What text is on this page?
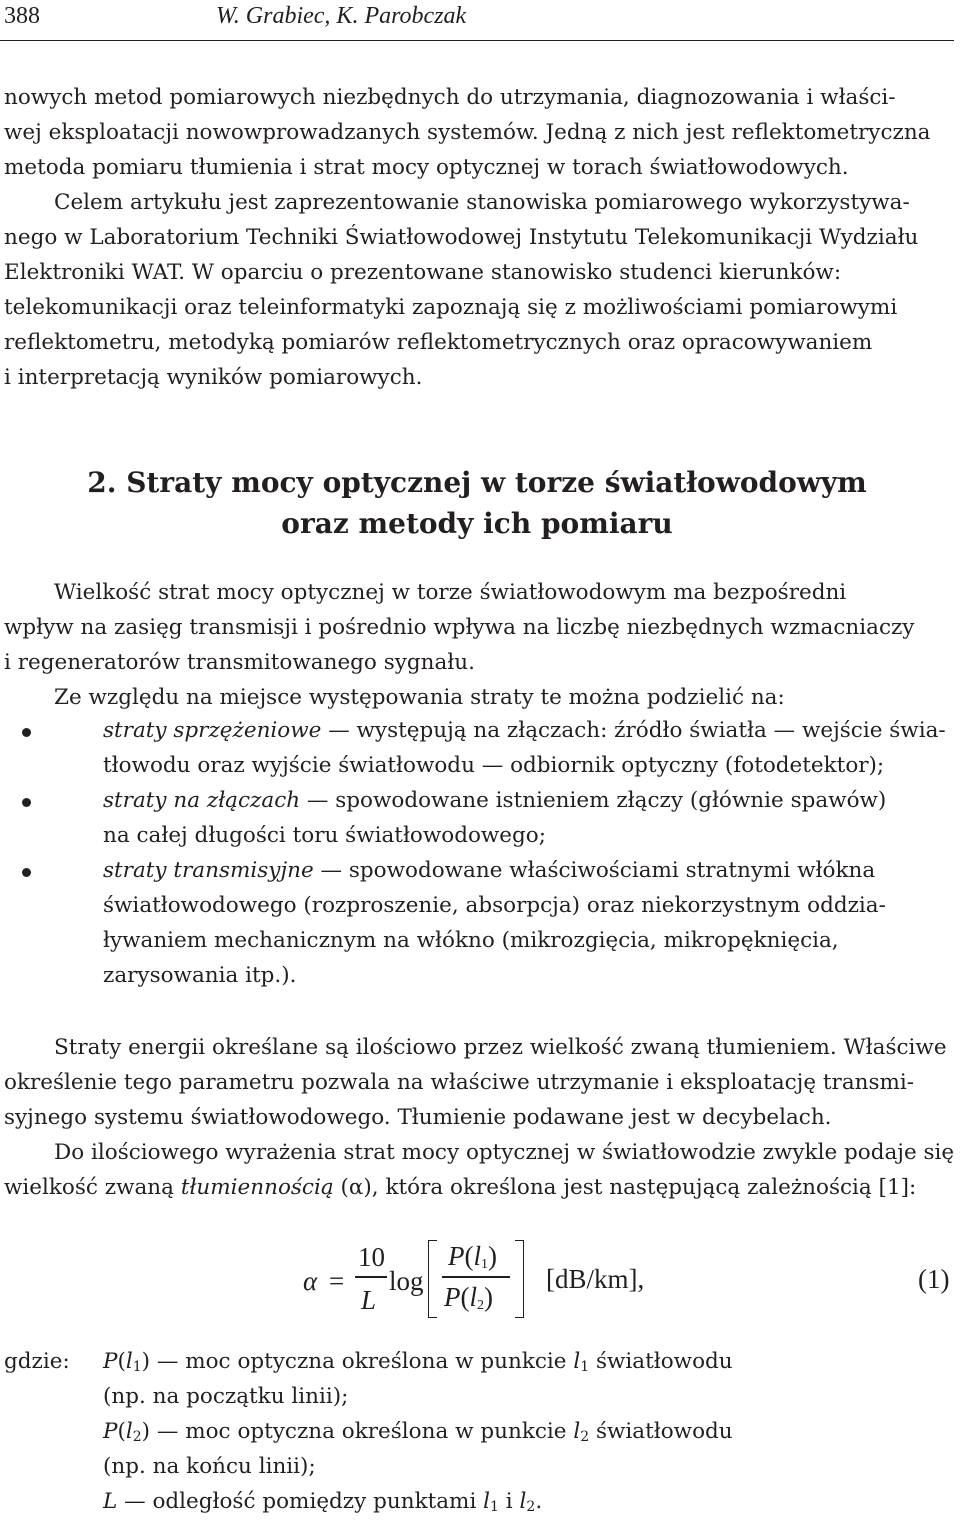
388	W. Grabiec, K. Parobczak
nowych metod pomiarowych niezbędnych do utrzymania, diagnozowania i właści-
wej eksploatacji nowowprowadzanych systemów. Jedną z nich jest reflektometryczna
metoda pomiaru tłumienia i strat mocy optycznej w torach światłowodowych.
Celem artykułu jest zaprezentowanie stanowiska pomiarowego wykorzystywa-
nego w Laboratorium Techniki Światłowodowej Instytutu Telekomunikacji Wydziału
Elektroniki WAT. W oparciu o prezentowane stanowisko studenci kierunków:
telekomunikacji oraz teleinformatyki zapoznają się z możliwościami pomiarowymi
reflektometru, metodyką pomiarów reflektometrycznych oraz opracowywaniem
i interpretacją wyników pomiarowych.
2. Straty mocy optycznej w torze światłowodowym
oraz metody ich pomiaru
Wielkość strat mocy optycznej w torze światłowodowym ma bezpośredni
wpływ na zasięg transmisji i pośrednio wpływa na liczbę niezbędnych wzmacniaczy
i regeneratorów transmitowanego sygnału.
Ze względu na miejsce występowania straty te można podzielić na:
straty sprzężeniowe — występują na złączach: źródło światła — wejście świa-
tłowodu oraz wyjście światłowodu — odbiornik optyczny (fotodetektor);
straty na złączach — spowodowane istnieniem złączy (głównie spawów)
na całej długości toru światłowodowego;
straty transmisyjne — spowodowane właściwościami stratnymi włókna
światłowodowego (rozproszenie, absorpcja) oraz niekorzystnym oddzia-
ływaniem mechanicznym na włókno (mikrozgięcia, mikropęknięcia,
zarysowania itp.).
Straty energii określane są ilościowo przez wielkość zwaną tłumieniem. Właściwe
określenie tego parametru pozwala na właściwe utrzymanie i eksploatację transmi-
syjnego systemu światłowodowego. Tłumienie podawane jest w decybelach.
Do ilościowego wyrażenia strat mocy optycznej w światłowodzie zwykle podaje się
wielkość zwaną tłumiennością (α), która określona jest następującą zależnością [1]:
α =
10
L
log
$P(l_1)$
$P(l_2)$
[dB/km],	(1)
gdzie: $P(l_1)$ — moc optyczna określona w punkcie $l_1$ światłowodu
(np. na początku linii);
$P(l_2)$ — moc optyczna określona w punkcie $l_2$ światłowodu
(np. na końcu linii);
L — odległość pomiędzy punktami $l_1$ i $l_2$.
